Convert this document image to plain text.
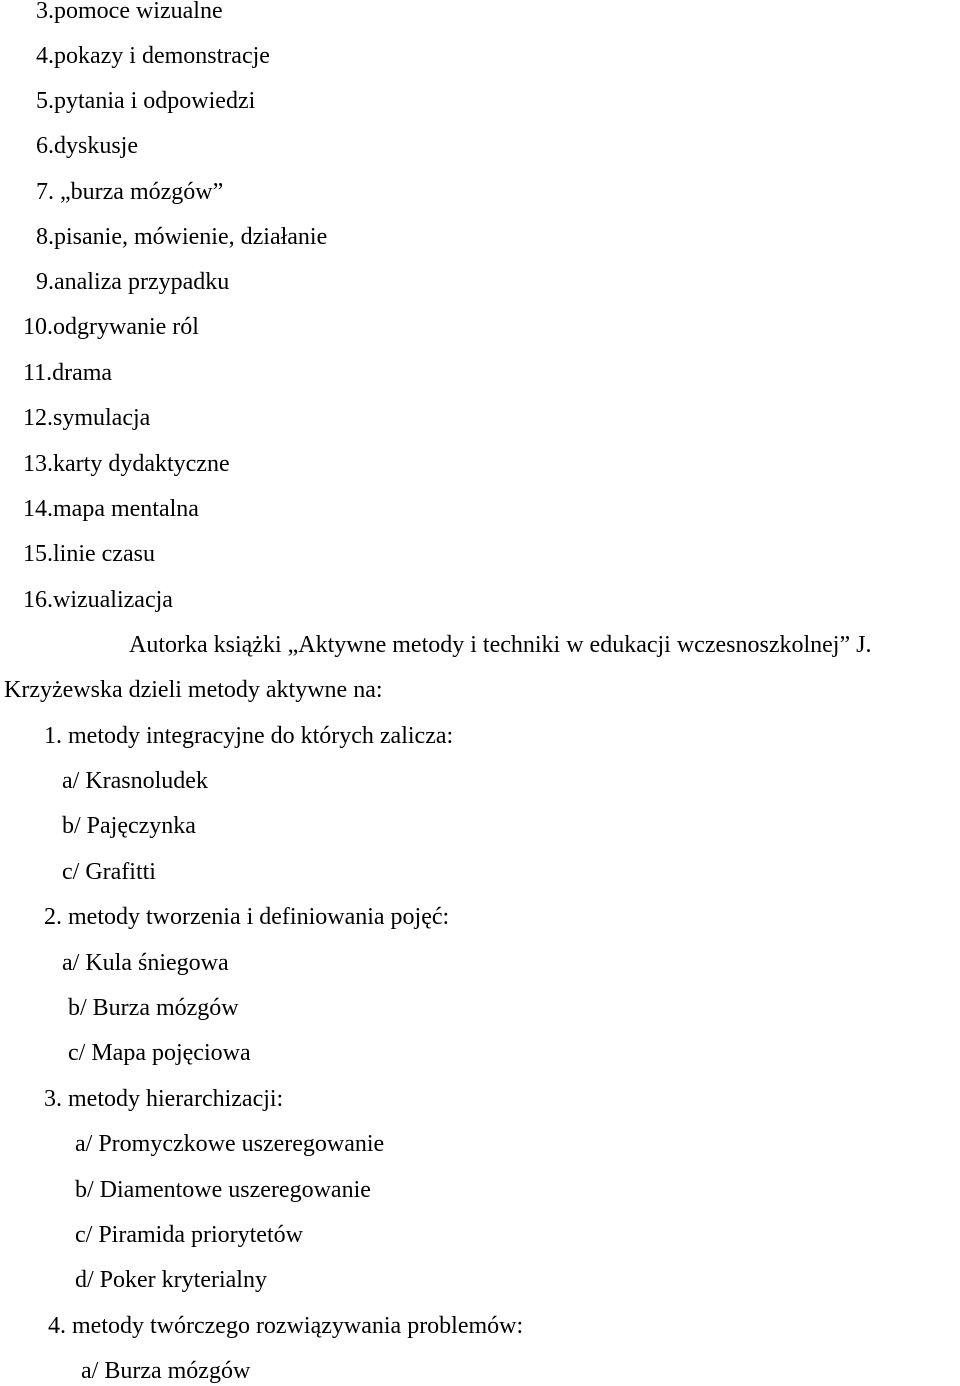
3.pomoce wizualne
4.pokazy i demonstracje
5.pytania i odpowiedzi
6.dyskusje
7. „burza mózgów”
8.pisanie, mówienie, działanie
9.analiza przypadku
10.odgrywanie ról
11.drama
12.symulacja
13.karty dydaktyczne
14.mapa mentalna
15.linie czasu
16.wizualizacja
Autorka książki „Aktywne metody i techniki w edukacji wczesnoszkolnej” J.
Krzyżewska dzieli metody aktywne na:
1. metody integracyjne do których zalicza:
a/ Krasnoludek
b/ Pajęczynka
c/ Grafitti
2. metody tworzenia i definiowania pojęć:
a/ Kula śniegowa
b/ Burza mózgów
c/ Mapa pojęciowa
3. metody hierarchizacji:
a/ Promyczkowe uszeregowanie
b/ Diamentowe uszeregowanie
c/ Piramida priorytetów
d/ Poker kryterialny
4. metody twórczego rozwiązywania problemów:
a/ Burza mózgów
